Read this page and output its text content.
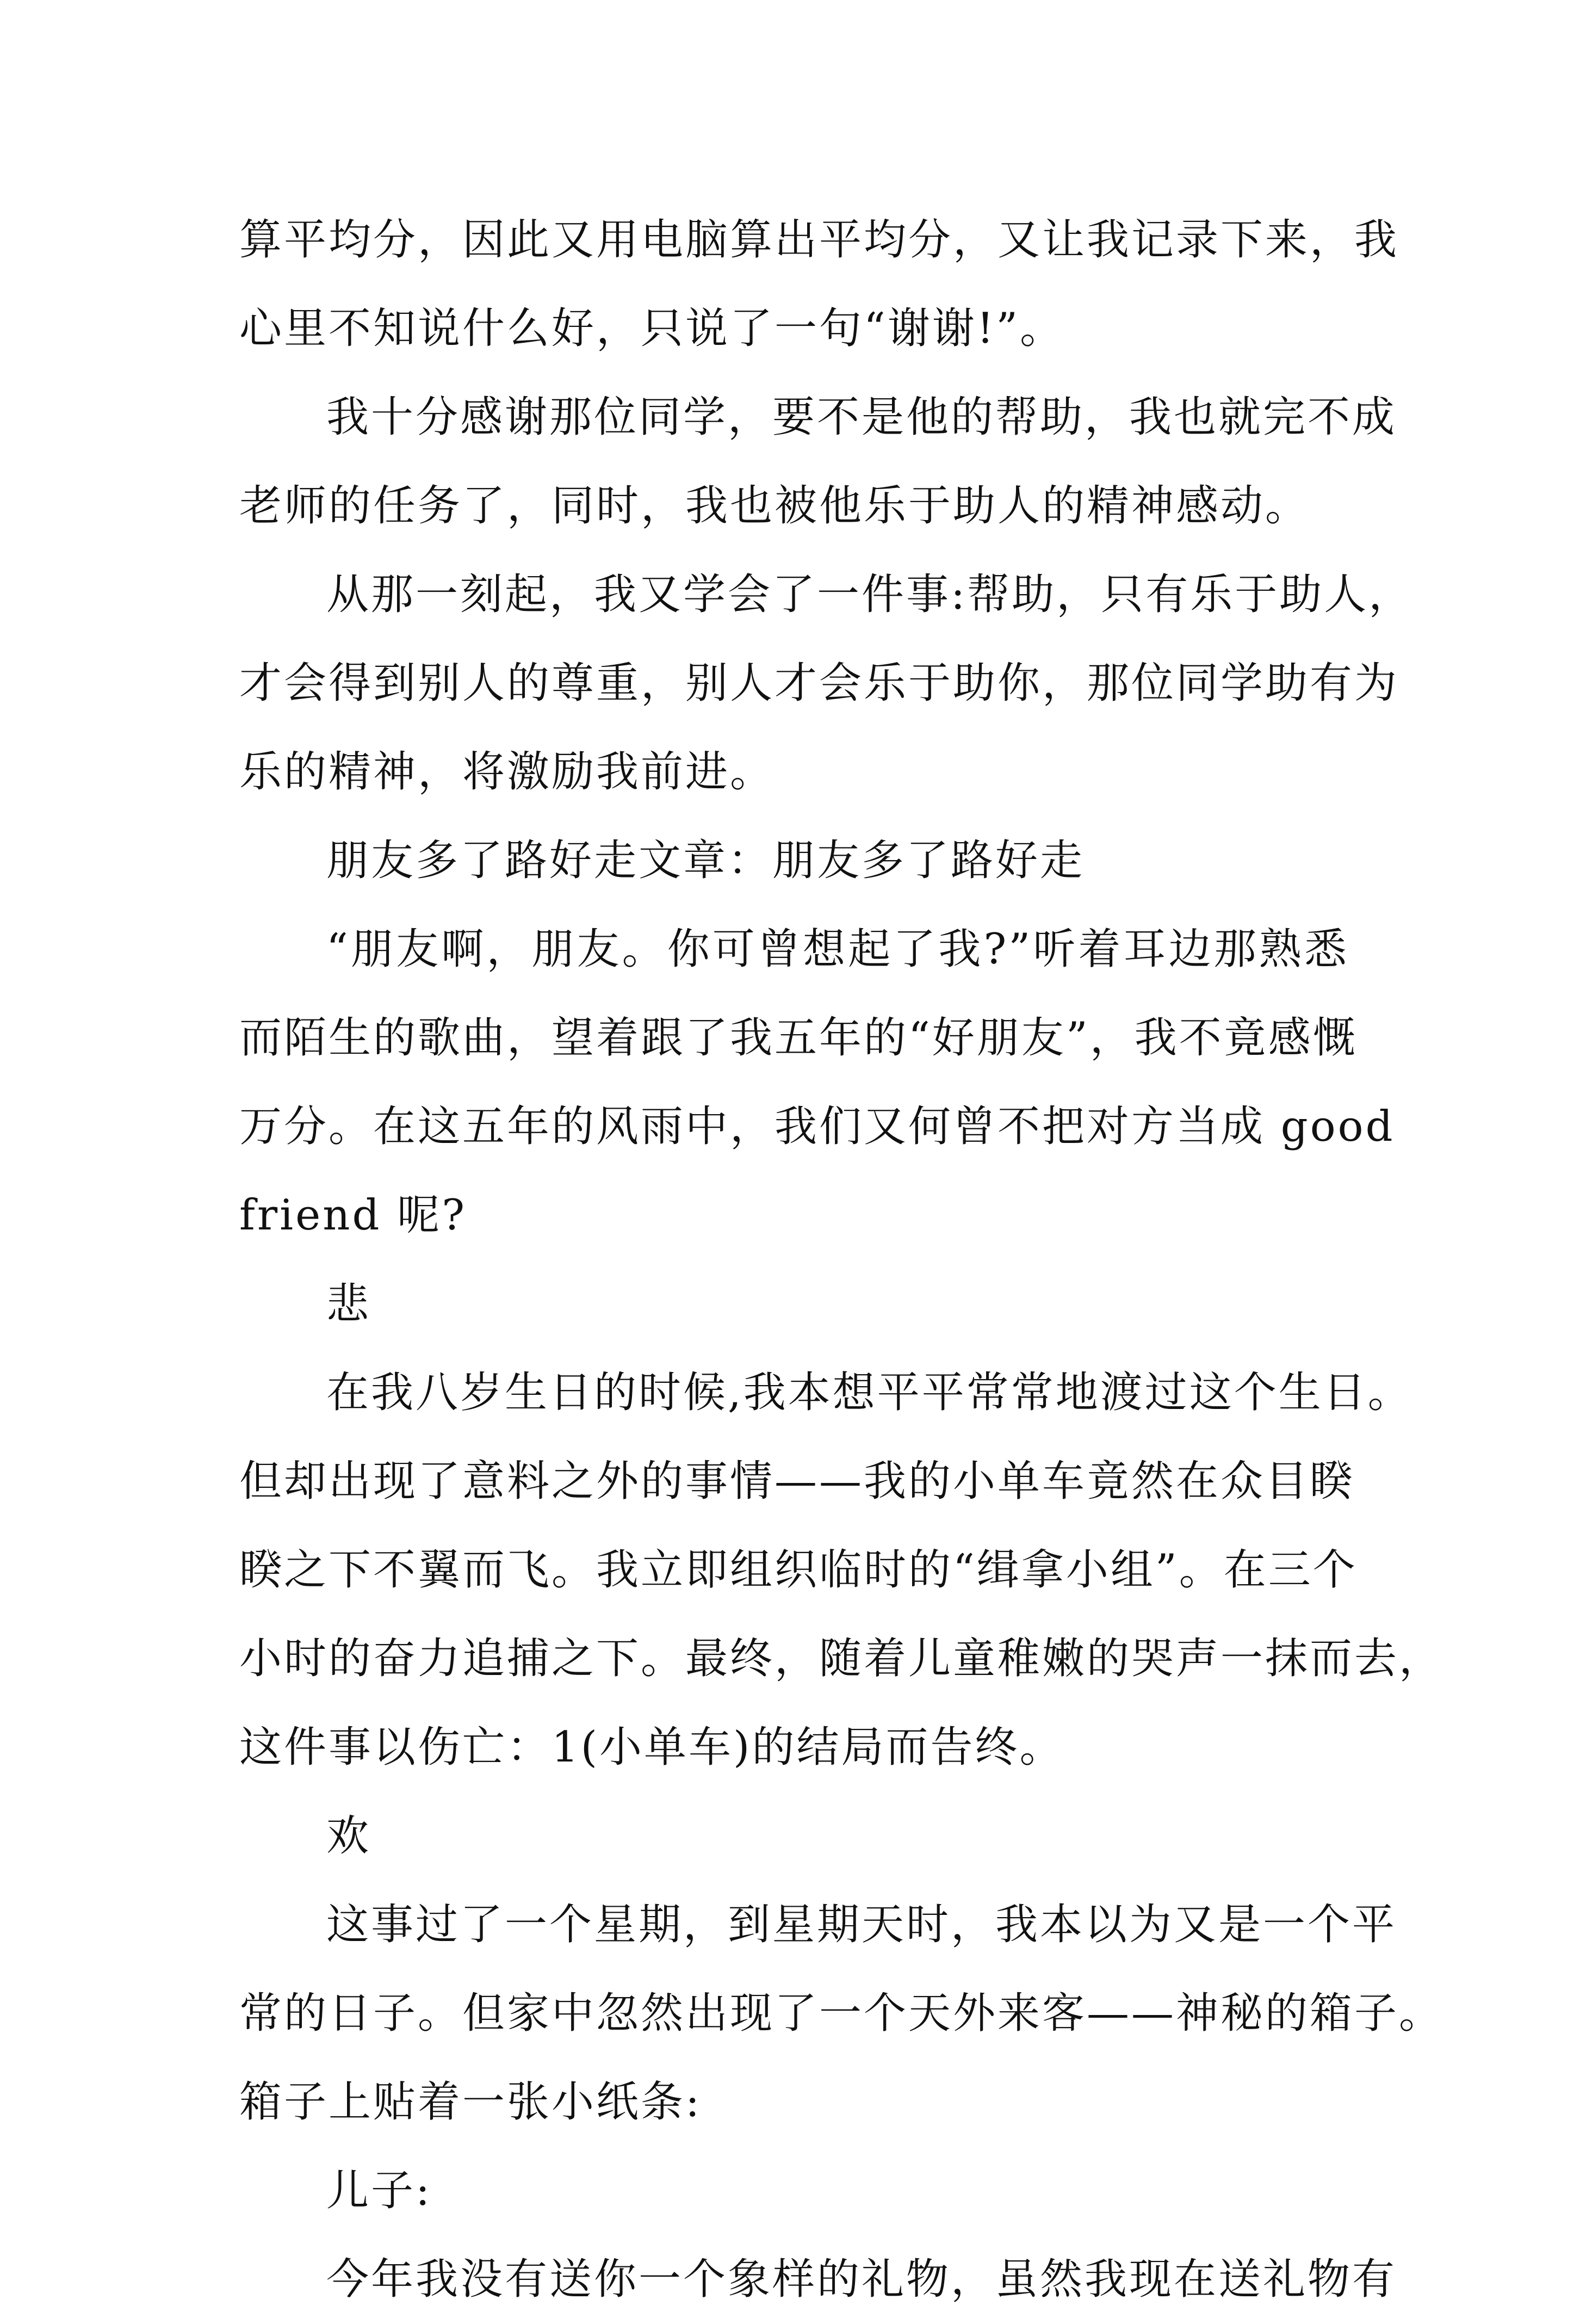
算平均分，因此又用电脑算出平均分，又让我记录下来，我
心里不知说什么好，只说了一句“谢谢!”。
我十分感谢那位同学，要不是他的帮助，我也就完不成
老师的任务了，同时，我也被他乐于助人的精神感动。
从那一刻起，我又学会了一件事:帮助，只有乐于助人，
才会得到别人的尊重，别人才会乐于助你，那位同学助有为
乐的精神，将激励我前进。
朋友多了路好走文章：朋友多了路好走
“朋友啊，朋友。你可曾想起了我?”听着耳边那熟悉
而陌生的歌曲，望着跟了我五年的“好朋友”，我不竟感慨
万分。在这五年的风雨中，我们又何曾不把对方当成 good
friend 呢?
悲
在我八岁生日的时候,我本想平平常常地渡过这个生日。
但却出现了意料之外的事情——我的小单车竟然在众目睽
睽之下不翼而飞。我立即组织临时的“缉拿小组”。在三个
小时的奋力追捕之下。最终，随着儿童稚嫩的哭声一抹而去，
这件事以伤亡：1(小单车)的结局而告终。
欢
这事过了一个星期，到星期天时，我本以为又是一个平
常的日子。但家中忽然出现了一个天外来客——神秘的箱子。
箱子上贴着一张小纸条:
儿子:
今年我没有送你一个象样的礼物，虽然我现在送礼物有
